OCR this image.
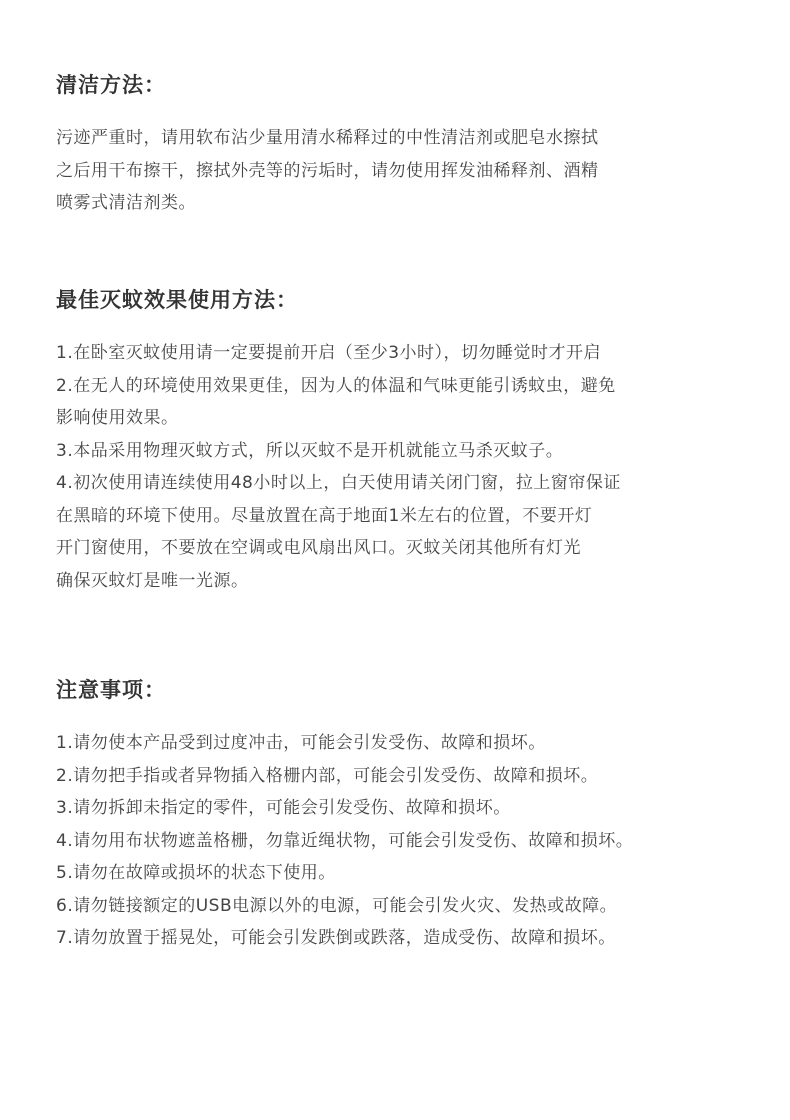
清洁方法：
污迹严重时，请用软布沾少量用清水稀释过的中性清洁剂或肥皂水擦拭
之后用干布擦干，擦拭外壳等的污垢时，请勿使用挥发油稀释剂、酒精
喷雾式清洁剂类。
最佳灭蚊效果使用方法：
1.在卧室灭蚊使用请一定要提前开启（至少3小时），切勿睡觉时才开启
2.在无人的环境使用效果更佳，因为人的体温和气味更能引诱蚊虫，避免
影响使用效果。
3.本品采用物理灭蚊方式，所以灭蚊不是开机就能立马杀灭蚊子。
4.初次使用请连续使用48小时以上，白天使用请关闭门窗，拉上窗帘保证
在黑暗的环境下使用。尽量放置在高于地面1米左右的位置，不要开灯
开门窗使用，不要放在空调或电风扇出风口。灭蚊关闭其他所有灯光
确保灭蚊灯是唯一光源。
注意事项：
1.请勿使本产品受到过度冲击，可能会引发受伤、故障和损坏。
2.请勿把手指或者异物插入格栅内部，可能会引发受伤、故障和损坏。
3.请勿拆卸未指定的零件，可能会引发受伤、故障和损坏。
4.请勿用布状物遮盖格栅，勿靠近绳状物，可能会引发受伤、故障和损坏。
5.请勿在故障或损坏的状态下使用。
6.请勿链接额定的USB电源以外的电源，可能会引发火灾、发热或故障。
7.请勿放置于摇晃处，可能会引发跌倒或跌落，造成受伤、故障和损坏。
